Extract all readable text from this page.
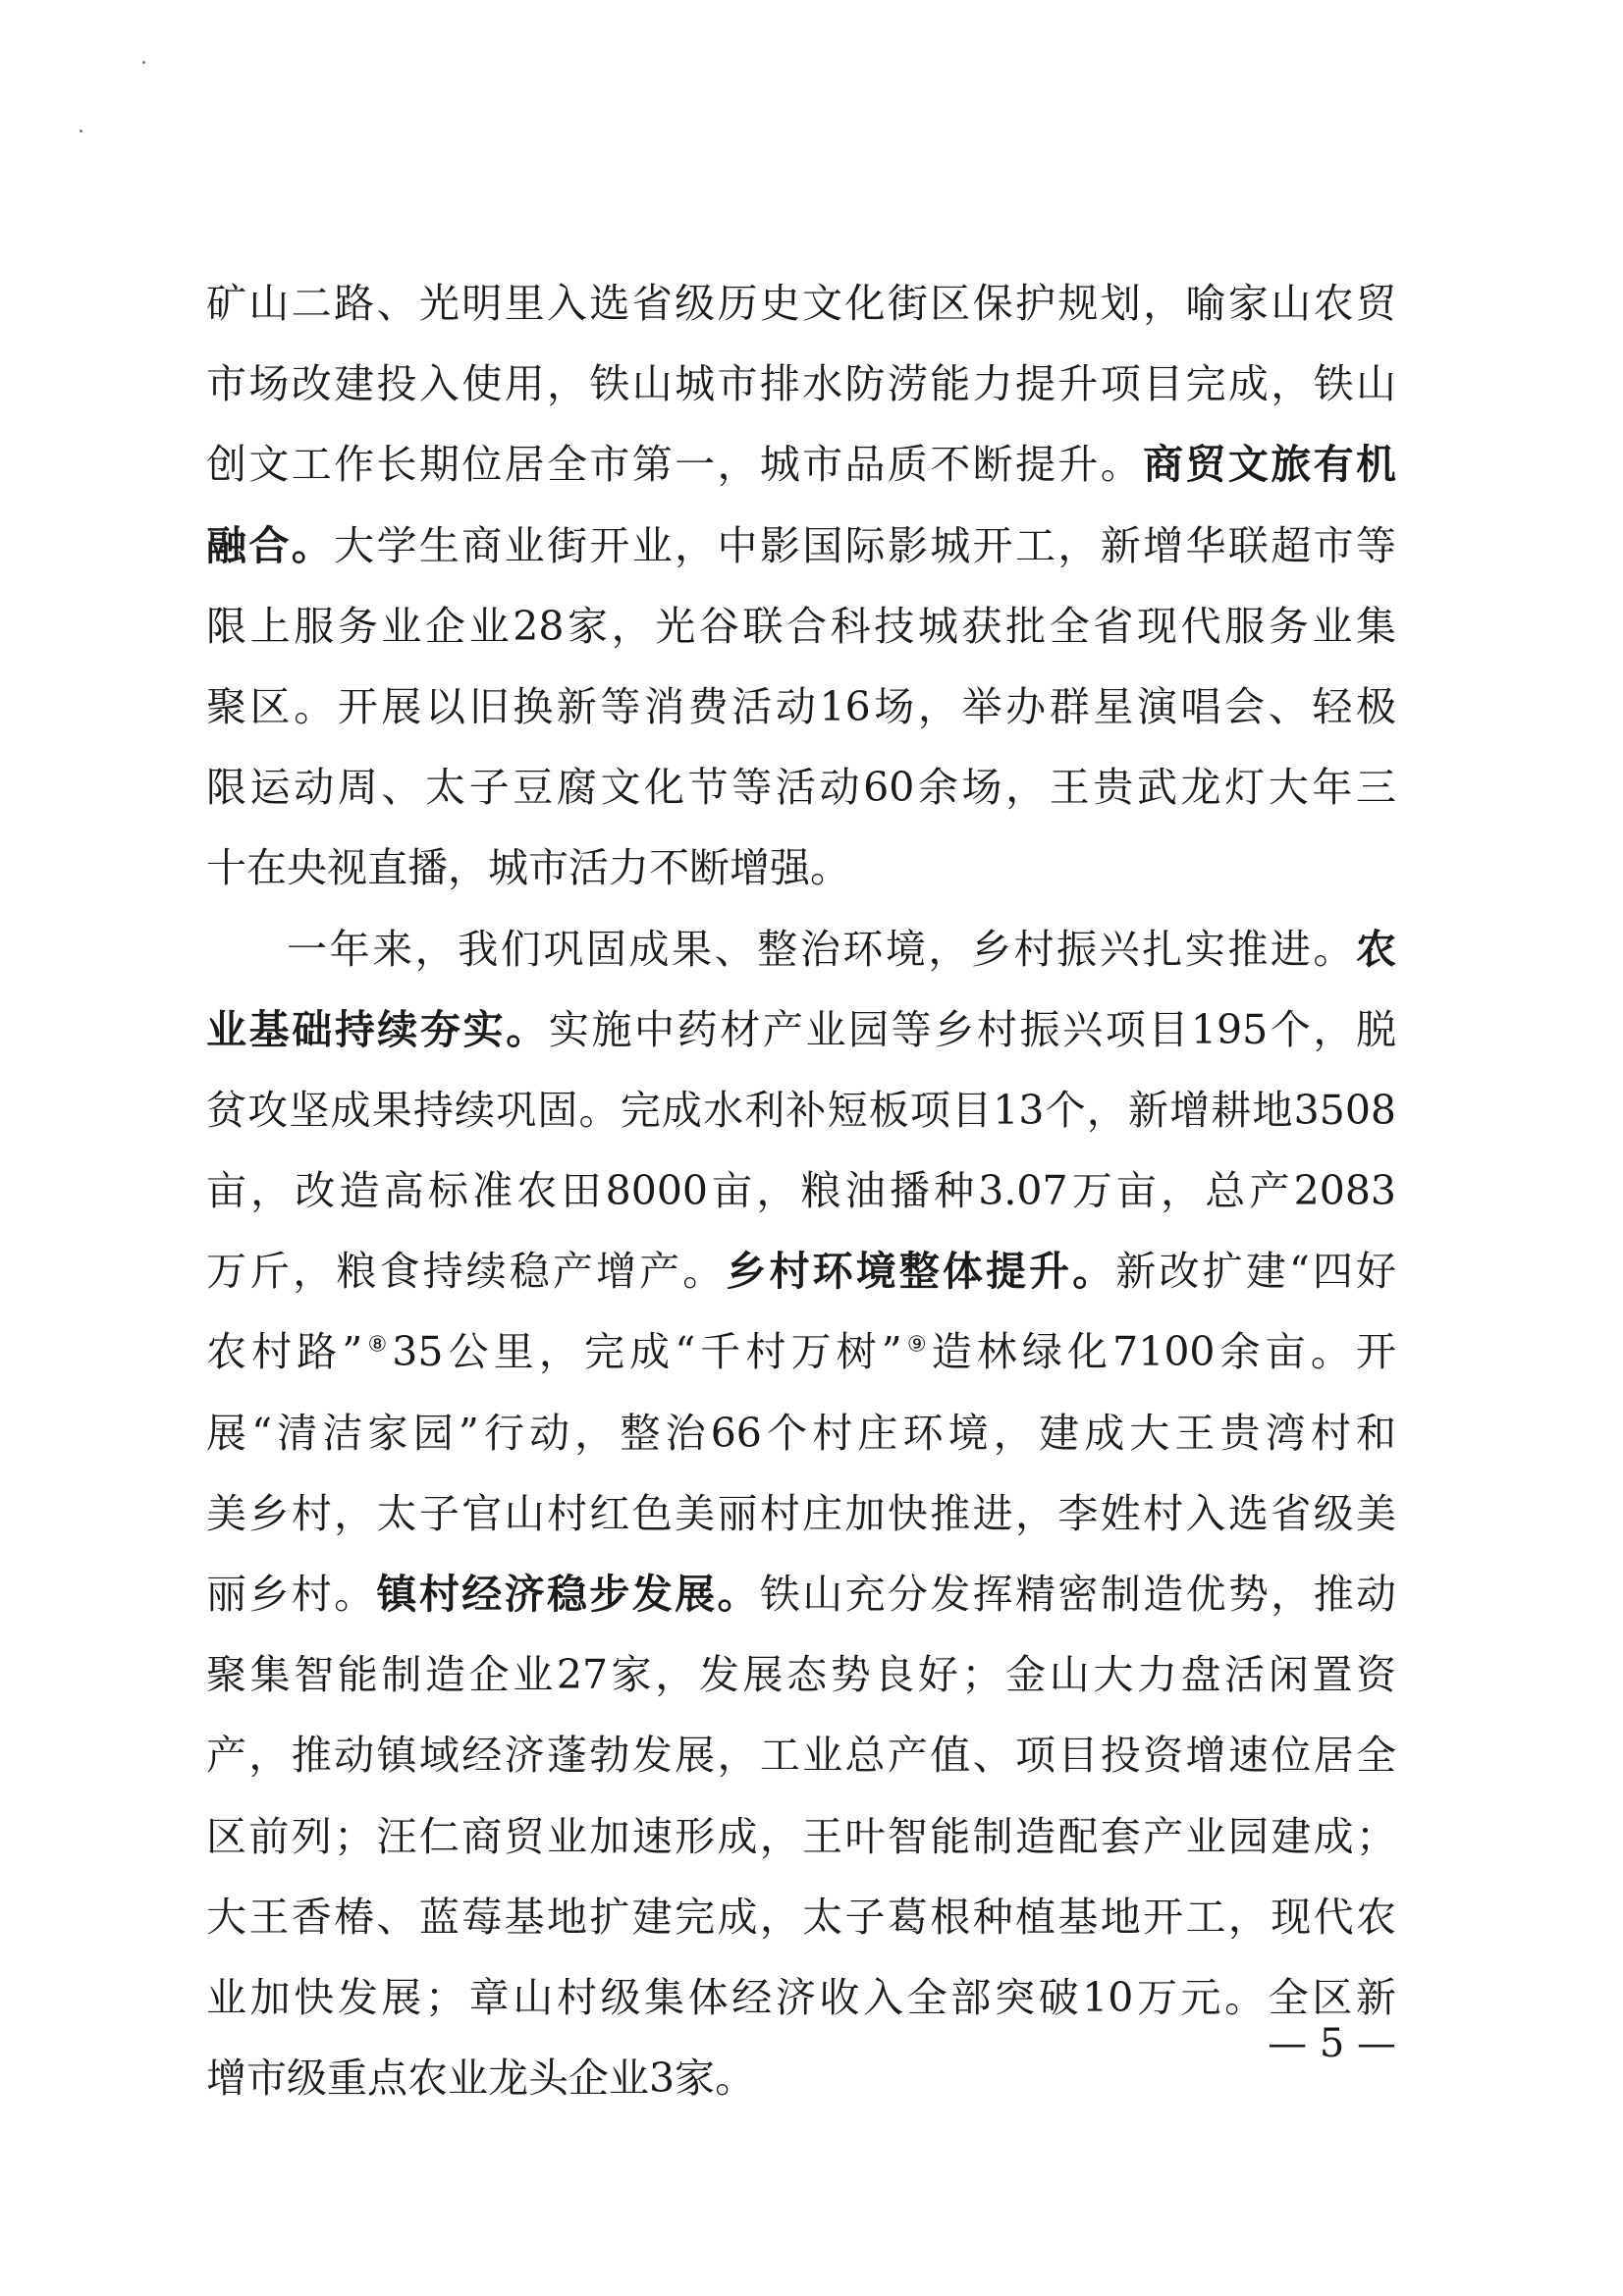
矿山二路、光明里入选省级历史文化街区保护规划，喻家山农贸
市场改建投入使用，铁山城市排水防涝能力提升项目完成，铁山
创文工作长期位居全市第一，城市品质不断提升。商贸文旅有机
融合。大学生商业街开业，中影国际影城开工，新增华联超市等
限上服务业企业28家，光谷联合科技城获批全省现代服务业集
聚区。开展以旧换新等消费活动16场，举办群星演唱会、轻极
限运动周、太子豆腐文化节等活动60余场，王贵武龙灯大年三
十在央视直播，城市活力不断增强。
一年来，我们巩固成果、整治环境，乡村振兴扎实推进。农
业基础持续夯实。实施中药材产业园等乡村振兴项目195个，脱
贫攻坚成果持续巩固。完成水利补短板项目13个，新增耕地3508
亩，改造高标准农田8000亩，粮油播种3.07万亩，总产2083
万斤，粮食持续稳产增产。乡村环境整体提升。新改扩建“四好
农村路”⑧35公里，完成“千村万树”⑨造林绿化7100余亩。开
展“清洁家园”行动，整治66个村庄环境，建成大王贵湾村和
美乡村，太子官山村红色美丽村庄加快推进，李姓村入选省级美
丽乡村。镇村经济稳步发展。铁山充分发挥精密制造优势，推动
聚集智能制造企业27家，发展态势良好；金山大力盘活闲置资
产，推动镇域经济蓬勃发展，工业总产值、项目投资增速位居全
区前列；汪仁商贸业加速形成，王叶智能制造配套产业园建成；
大王香椿、蓝莓基地扩建完成，太子葛根种植基地开工，现代农
业加快发展；章山村级集体经济收入全部突破10万元。全区新
增市级重点农业龙头企业3家。
— 5 —
